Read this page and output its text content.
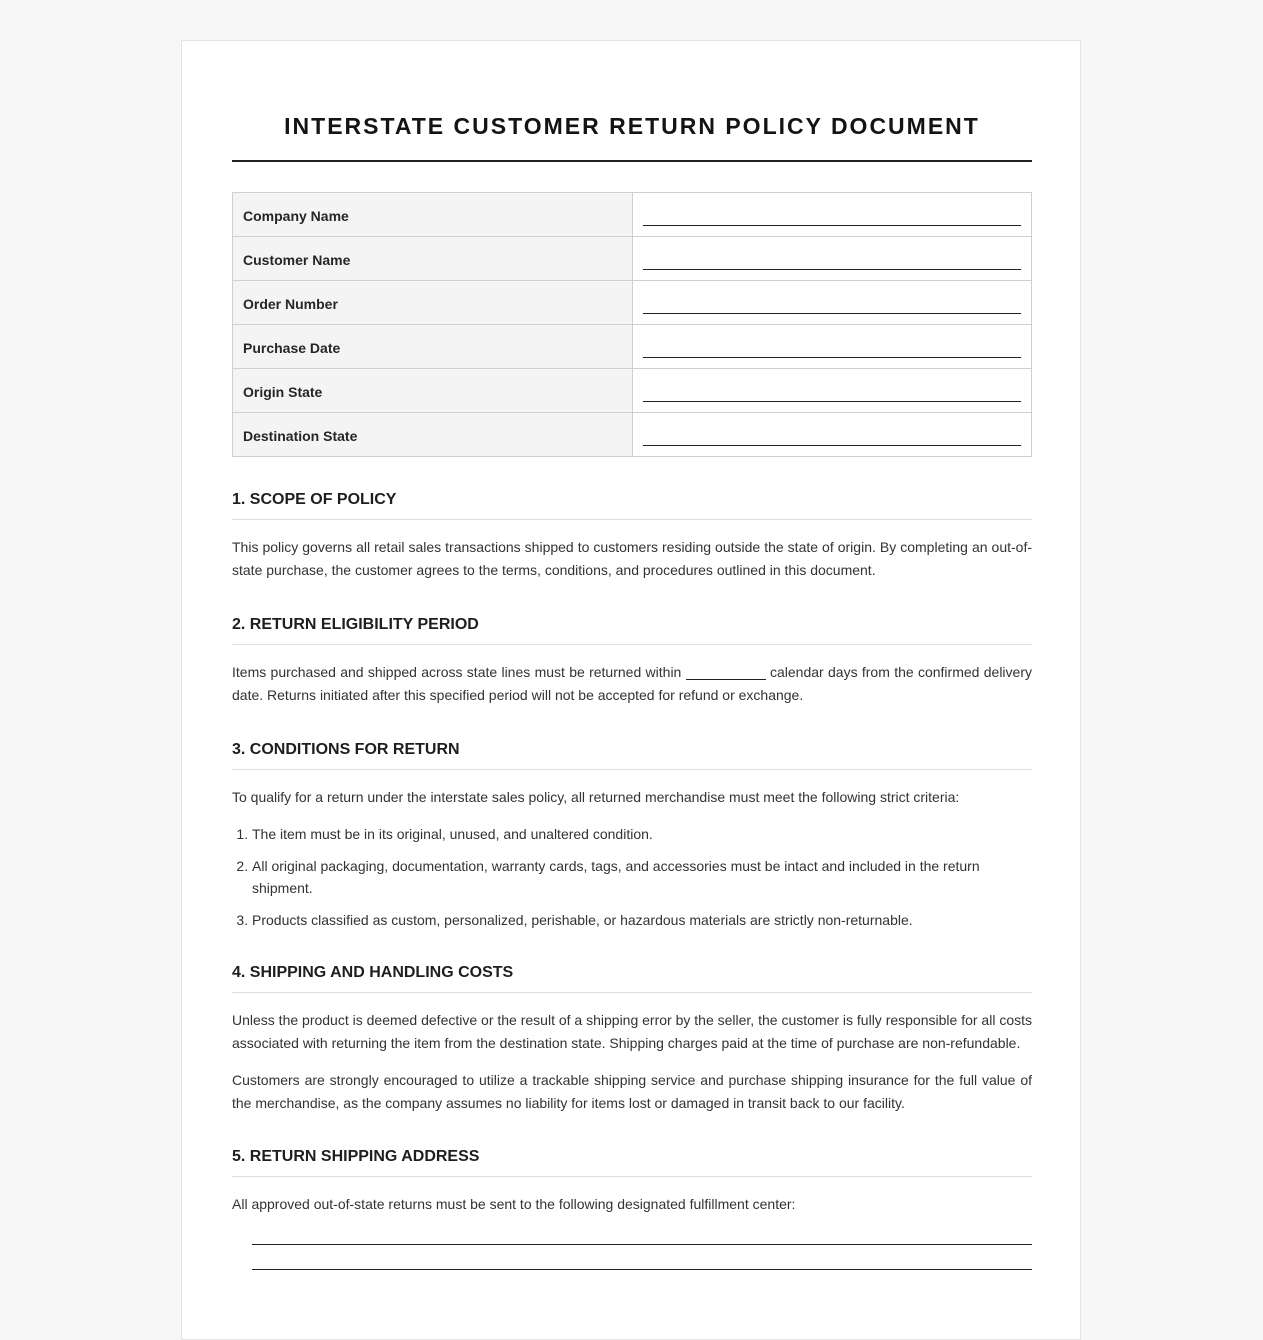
INTERSTATE CUSTOMER RETURN POLICY DOCUMENT
Company Name	

Customer Name	

Order Number	

Purchase Date	

Origin State	

Destination State	
1. SCOPE OF POLICY

This policy governs all retail sales transactions shipped to customers residing outside the state of origin. By completing an out-of-state purchase, the customer agrees to the terms, conditions, and procedures outlined in this document.

2. RETURN ELIGIBILITY PERIOD

Items purchased and shipped across state lines must be returned within	calendar days from the confirmed delivery date. Returns initiated after this specified period will not be accepted for refund or exchange.

3. CONDITIONS FOR RETURN

To qualify for a return under the interstate sales policy, all returned merchandise must meet the following strict criteria:

1. The item must be in its original, unused, and unaltered condition.
2. All original packaging, documentation, warranty cards, tags, and accessories must be intact and included in the return shipment.
3. Products classified as custom, personalized, perishable, or hazardous materials are strictly non-returnable.
4. SHIPPING AND HANDLING COSTS

Unless the product is deemed defective or the result of a shipping error by the seller, the customer is fully responsible for all costs associated with returning the item from the destination state. Shipping charges paid at the time of purchase are non-refundable.

Customers are strongly encouraged to utilize a trackable shipping service and purchase shipping insurance for the full value of the merchandise, as the company assumes no liability for items lost or damaged in transit back to our facility.

5. RETURN SHIPPING ADDRESS

All approved out-of-state returns must be sent to the following designated fulfillment center:
